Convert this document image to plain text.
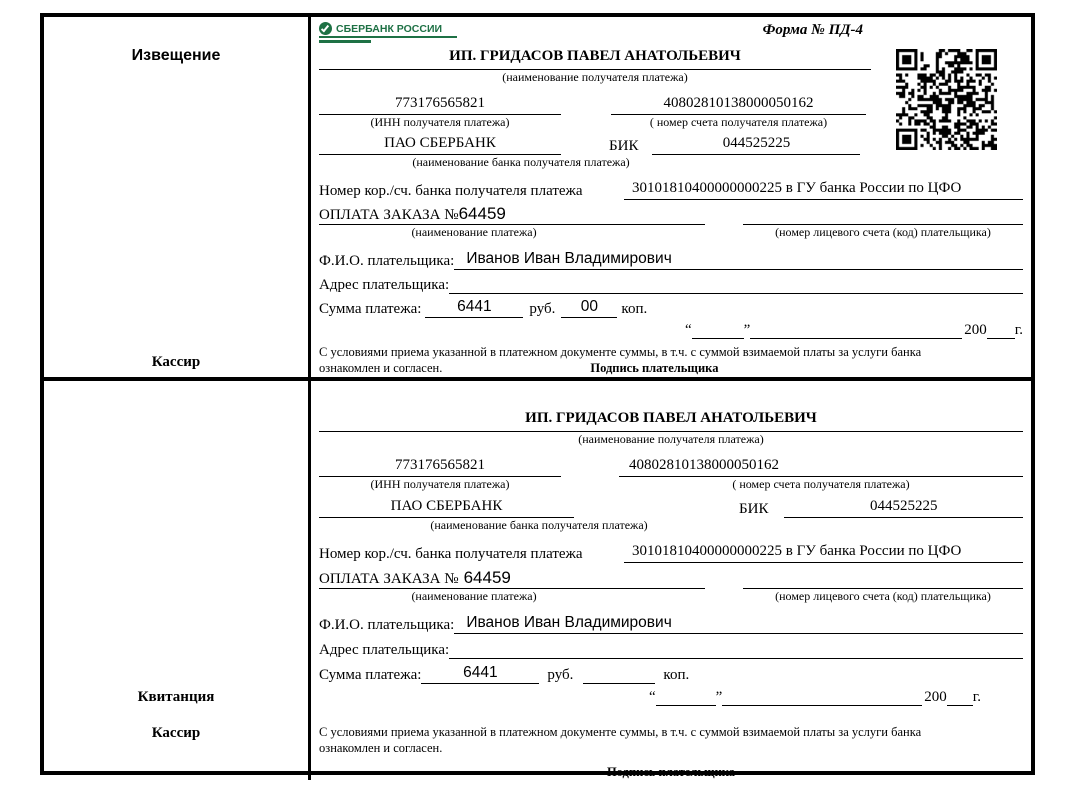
Извещение
Кассир
СБЕРБАНК РОССИИ	Форма № ПД-4
ИП. ГРИДАСОВ ПАВЕЛ АНАТОЛЬЕВИЧ
(наименование получателя платежа)
773176565821	40802810138000050162
(ИНН получателя платежа)	( номер счета получателя платежа)
ПАО СБЕРБАНК	БИК	044525225
(наименование банка получателя платежа)
Номер кор./сч. банка получателя платежа	30101810400000000225 в ГУ банка России по ЦФО
ОПЛАТА ЗАКАЗА №64459
(наименование платежа)	(номер лицевого счета (код) плательщика)
Ф.И.О. плательщика: Иванов Иван Владимирович
Адрес плательщика:
Сумма платежа:	6441	руб.	00	коп.
“	”	200 г.
С условиями приема указанной в платежном документе суммы, в т.ч. с суммой взимаемой платы за услуги банка
ознакомлен и согласен.	Подпись плательщика
Квитанция
Кассир
ИП. ГРИДАСОВ ПАВЕЛ АНАТОЛЬЕВИЧ
(наименование получателя платежа)
773176565821	40802810138000050162
(ИНН получателя платежа)	( номер счета получателя платежа)
ПАО СБЕРБАНК	БИК	044525225
(наименование банка получателя платежа)
Номер кор./сч. банка получателя платежа	30101810400000000225 в ГУ банка России по ЦФО
ОПЛАТА ЗАКАЗА № 64459
(наименование платежа)	(номер лицевого счета (код) плательщика)
Ф.И.О. плательщика: Иванов Иван Владимирович
Адрес плательщика:
Сумма платежа:	6441	руб.	коп.
“	”	200 г.
С условиями приема указанной в платежном документе суммы, в т.ч. с суммой взимаемой платы за услуги банка
ознакомлен и согласен.
Подпись плательщика
